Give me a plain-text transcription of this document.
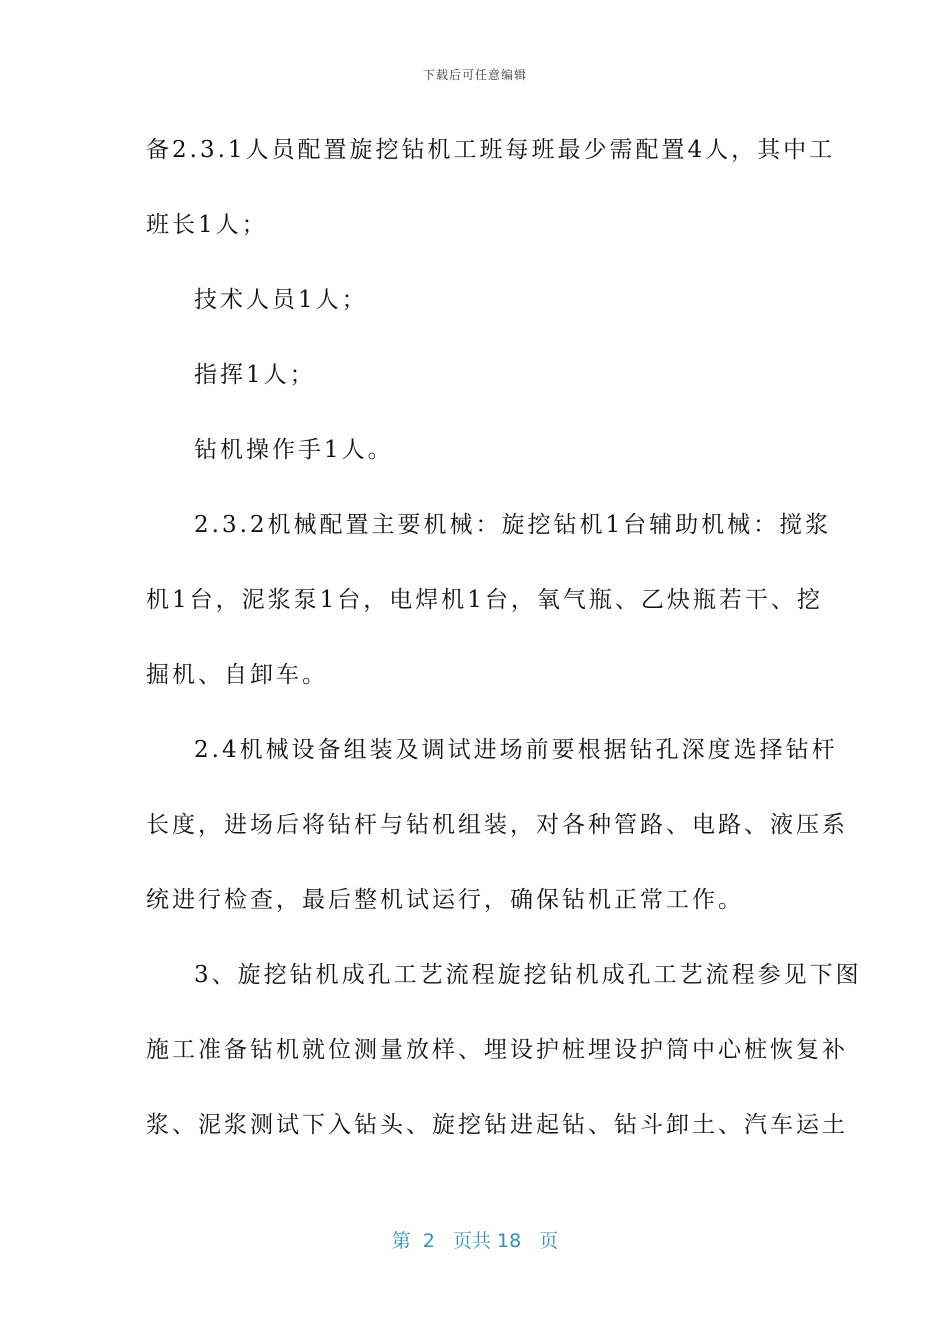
下载后可任意编辑
备2.3.1人员配置旋挖钻机工班每班最少需配置4人，其中工
班长1人；
技术人员1人；
指挥1人；
钻机操作手1人。
2.3.2机械配置主要机械：旋挖钻机1台辅助机械：搅浆
机1台，泥浆泵1台，电焊机1台，氧气瓶、乙炔瓶若干、挖
掘机、自卸车。
2.4机械设备组装及调试进场前要根据钻孔深度选择钻杆
长度，进场后将钻杆与钻机组装，对各种管路、电路、液压系
统进行检查，最后整机试运行，确保钻机正常工作。
3、旋挖钻机成孔工艺流程旋挖钻机成孔工艺流程参见下图
施工准备钻机就位测量放样、埋设护桩埋设护筒中心桩恢复补
浆、泥浆测试下入钻头、旋挖钻进起钻、钻斗卸土、汽车运土
第  2   页共 18   页
